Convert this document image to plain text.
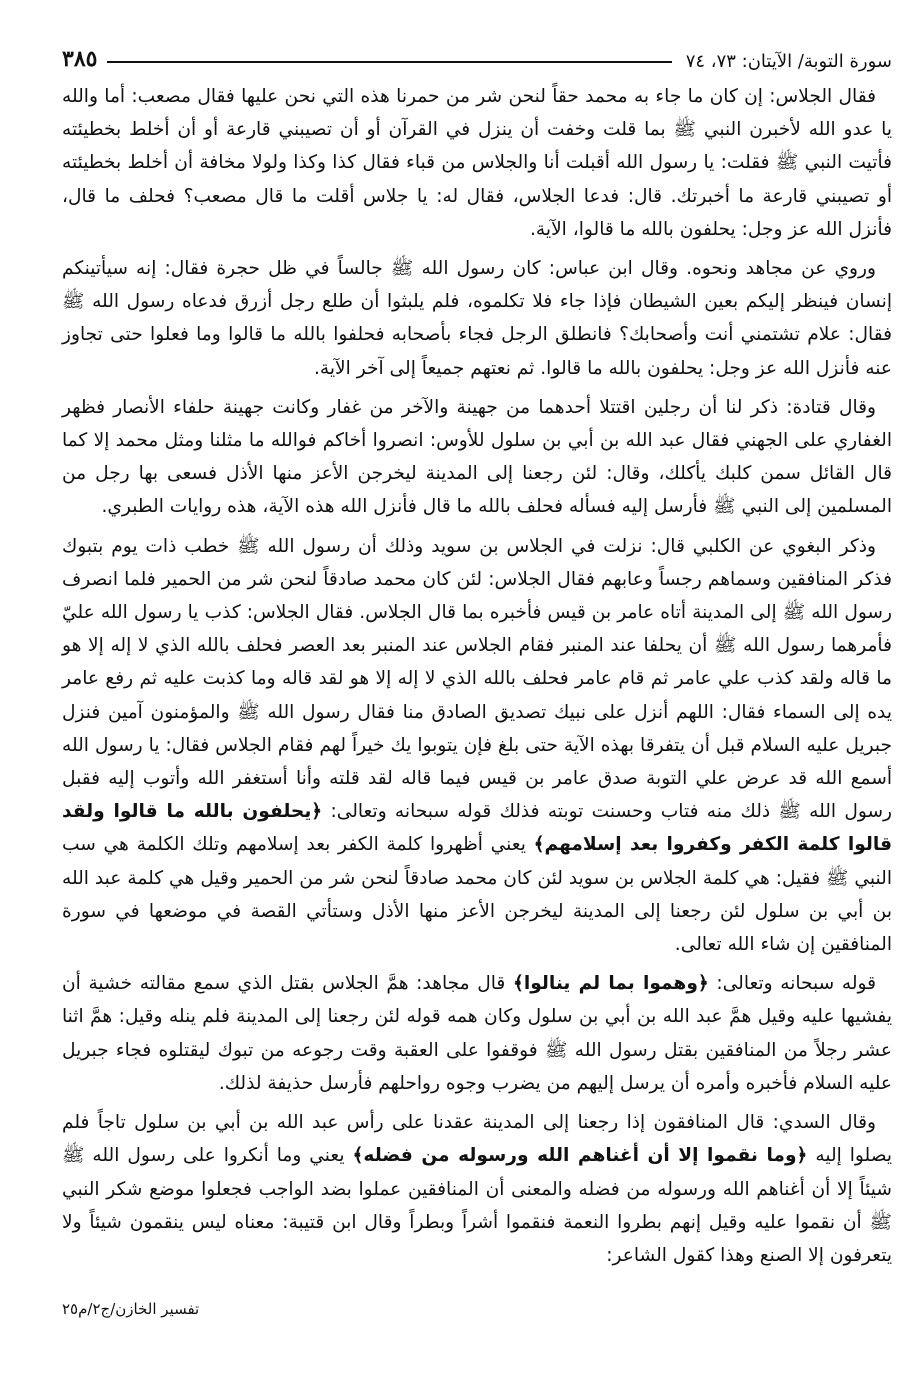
سورة التوبة/ الآيتان: ٧٣، ٧٤
٣٨٥

فقال الجلاس: إن كان ما جاء به محمد حقاً لنحن شر من حمرنا هذه التي نحن عليها فقال مصعب: أما والله يا عدو الله لأخبرن النبي ﷺ بما قلت وخفت أن ينزل في القرآن أو أن تصيبني قارعة أو أن أخلط بخطيئته فأتيت النبي ﷺ فقلت: يا رسول الله أقبلت أنا والجلاس من قباء فقال كذا وكذا ولولا مخافة أن أخلط بخطيئته أو تصيبني قارعة ما أخبرتك. قال: فدعا الجلاس، فقال له: يا جلاس أقلت ما قال مصعب؟ فحلف ما قال، فأنزل الله عز وجل: يحلفون بالله ما قالوا، الآية.

وروي عن مجاهد ونحوه. وقال ابن عباس: كان رسول الله ﷺ جالساً في ظل حجرة فقال: إنه سيأتينكم إنسان فينظر إليكم بعين الشيطان فإذا جاء فلا تكلموه، فلم يلبثوا أن طلع رجل أزرق فدعاه رسول الله ﷺ فقال: علام تشتمني أنت وأصحابك؟ فانطلق الرجل فجاء بأصحابه فحلفوا بالله ما قالوا وما فعلوا حتى تجاوز عنه فأنزل الله عز وجل: يحلفون بالله ما قالوا. ثم نعتهم جميعاً إلى آخر الآية.

وقال قتادة: ذكر لنا أن رجلين اقتتلا أحدهما من جهينة والآخر من غفار وكانت جهينة حلفاء الأنصار فظهر الغفاري على الجهني فقال عبد الله بن أبي بن سلول للأوس: انصروا أخاكم فوالله ما مثلنا ومثل محمد إلا كما قال القائل سمن كلبك يأكلك، وقال: لئن رجعنا إلى المدينة ليخرجن الأعز منها الأذل فسعى بها رجل من المسلمين إلى النبي ﷺ فأرسل إليه فسأله فحلف بالله ما قال فأنزل الله هذه الآية، هذه روايات الطبري.

وذكر البغوي عن الكلبي قال: نزلت في الجلاس بن سويد وذلك أن رسول الله ﷺ خطب ذات يوم بتبوك فذكر المنافقين وسماهم رجساً وعابهم فقال الجلاس: لئن كان محمد صادقاً لنحن شر من الحمير فلما انصرف رسول الله ﷺ إلى المدينة أتاه عامر بن قيس فأخبره بما قال الجلاس. فقال الجلاس: كذب يا رسول الله عليّ فأمرهما رسول الله ﷺ أن يحلفا عند المنبر فقام الجلاس عند المنبر بعد العصر فحلف بالله الذي لا إله إلا هو ما قاله ولقد كذب علي عامر ثم قام عامر فحلف بالله الذي لا إله إلا هو لقد قاله وما كذبت عليه ثم رفع عامر يده إلى السماء فقال: اللهم أنزل على نبيك تصديق الصادق منا فقال رسول الله ﷺ والمؤمنون آمين فنزل جبريل عليه السلام قبل أن يتفرقا بهذه الآية حتى بلغ فإن يتوبوا يك خيراً لهم فقام الجلاس فقال: يا رسول الله أسمع الله قد عرض علي التوبة صدق عامر بن قيس فيما قاله لقد قلته وأنا أستغفر الله وأتوب إليه فقبل رسول الله ﷺ ذلك منه فتاب وحسنت توبته فذلك قوله سبحانه وتعالى: ﴿يحلفون بالله ما قالوا ولقد قالوا كلمة الكفر وكفروا بعد إسلامهم﴾ يعني أظهروا كلمة الكفر بعد إسلامهم وتلك الكلمة هي سب النبي ﷺ فقيل: هي كلمة الجلاس بن سويد لئن كان محمد صادقاً لنحن شر من الحمير وقيل هي كلمة عبد الله بن أبي بن سلول لئن رجعنا إلى المدينة ليخرجن الأعز منها الأذل وستأتي القصة في موضعها في سورة المنافقين إن شاء الله تعالى.

قوله سبحانه وتعالى: ﴿وهموا بما لم ينالوا﴾ قال مجاهد: همَّ الجلاس بقتل الذي سمع مقالته خشية أن يفشيها عليه وقيل همَّ عبد الله بن أبي بن سلول وكان همه قوله لئن رجعنا إلى المدينة فلم ينله وقيل: همَّ اثنا عشر رجلاً من المنافقين بقتل رسول الله ﷺ فوقفوا على العقبة وقت رجوعه من تبوك ليقتلوه فجاء جبريل عليه السلام فأخبره وأمره أن يرسل إليهم من يضرب وجوه رواحلهم فأرسل حذيفة لذلك.

وقال السدي: قال المنافقون إذا رجعنا إلى المدينة عقدنا على رأس عبد الله بن أبي بن سلول تاجاً فلم يصلوا إليه ﴿وما نقموا إلا أن أغناهم الله ورسوله من فضله﴾ يعني وما أنكروا على رسول الله ﷺ شيئاً إلا أن أغناهم الله ورسوله من فضله والمعنى أن المنافقين عملوا بضد الواجب فجعلوا موضع شكر النبي ﷺ أن نقموا عليه وقيل إنهم بطروا النعمة فنقموا أشراً وبطراً وقال ابن قتيبة: معناه ليس ينقمون شيئاً ولا يتعرفون إلا الصنع وهذا كقول الشاعر:

تفسير الخازن/ج٢/م٢٥
